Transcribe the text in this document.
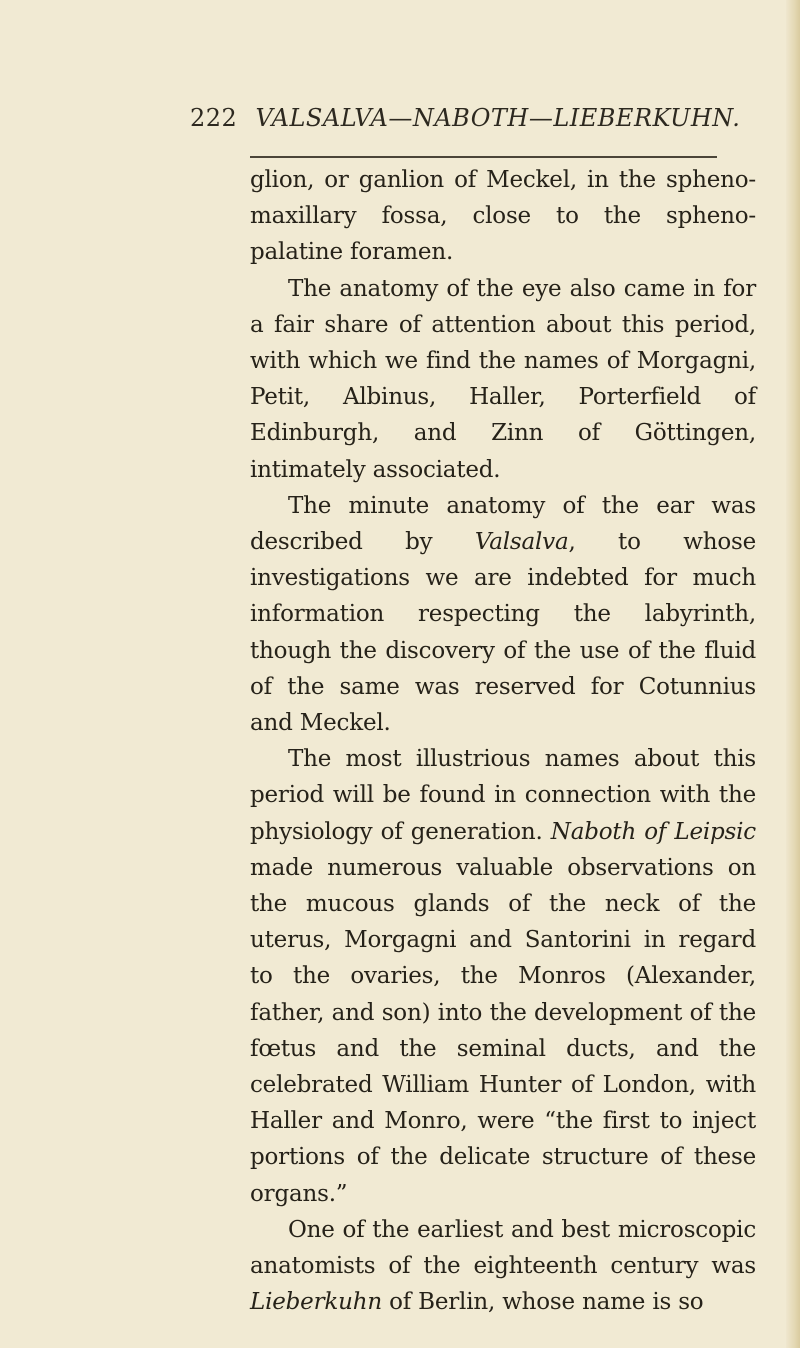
222 VALSALVA—NABOTH—LIEBERKUHN.

glion, or ganlion of Meckel, in the spheno-maxillary fossa, close to the spheno-palatine foramen.

The anatomy of the eye also came in for a fair share of attention about this period, with which we find the names of Morgagni, Petit, Albinus, Haller, Porterfield of Edinburgh, and Zinn of Göttingen, intimately associated.

The minute anatomy of the ear was described by Valsalva, to whose investigations we are indebted for much information respecting the labyrinth, though the discovery of the use of the fluid of the same was reserved for Cotunnius and Meckel.

The most illustrious names about this period will be found in connection with the physiology of generation. Naboth of Leipsic made numerous valuable observations on the mucous glands of the neck of the uterus, Morgagni and Santorini in regard to the ovaries, the Monros (Alexander, father, and son) into the development of the fœtus and the seminal ducts, and the celebrated William Hunter of London, with Haller and Monro, were “the first to inject portions of the delicate structure of these organs.”

One of the earliest and best microscopic anatomists of the eighteenth century was Lieberkuhn of Berlin, whose name is so
